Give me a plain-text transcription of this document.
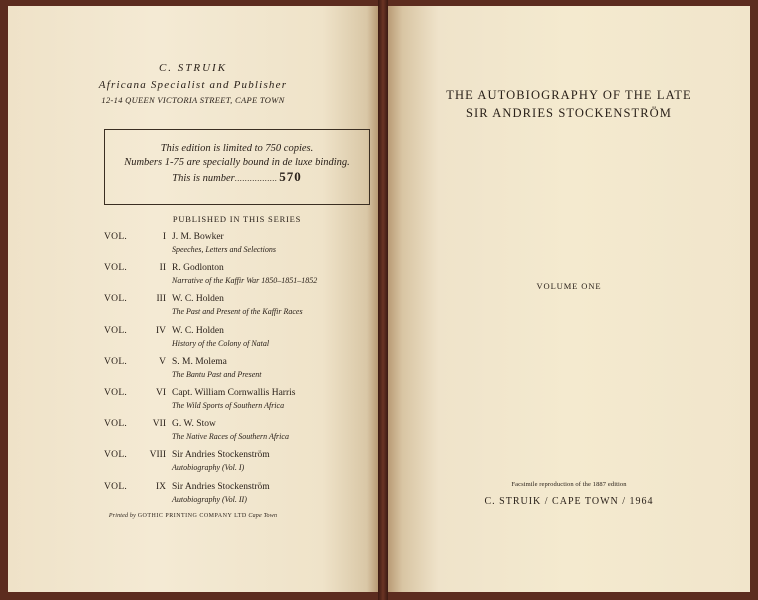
C. STRUIK
Africana Specialist and Publisher
12-14 QUEEN VICTORIA STREET, CAPE TOWN
This edition is limited to 750 copies.
Numbers 1-75 are specially bound in de luxe binding.
This is number................. 570
PUBLISHED IN THIS SERIES
VOL.	I J. M. Bowker
Speeches, Letters and Selections
VOL.	II R. Godlonton
Narrative of the Kaffir War 1850–1851–1852
VOL.	III W. C. Holden
The Past and Present of the Kaffir Races
VOL.	IV W. C. Holden
History of the Colony of Natal
VOL.	V S. M. Molema
The Bantu Past and Present
VOL.	VI Capt. William Cornwallis Harris
The Wild Sports of Southern Africa
VOL.	VII G. W. Stow
The Native Races of Southern Africa
VOL.	VIII Sir Andries Stockenström
Autobiography (Vol. I)
VOL.	IX Sir Andries Stockenström
Autobiography (Vol. II)
Printed by GOTHIC PRINTING COMPANY LTD Cape Town
THE AUTOBIOGRAPHY OF THE LATE
SIR ANDRIES STOCKENSTRÖM
VOLUME ONE
Facsimile reproduction of the 1887 edition
C. STRUIK / CAPE TOWN / 1964
